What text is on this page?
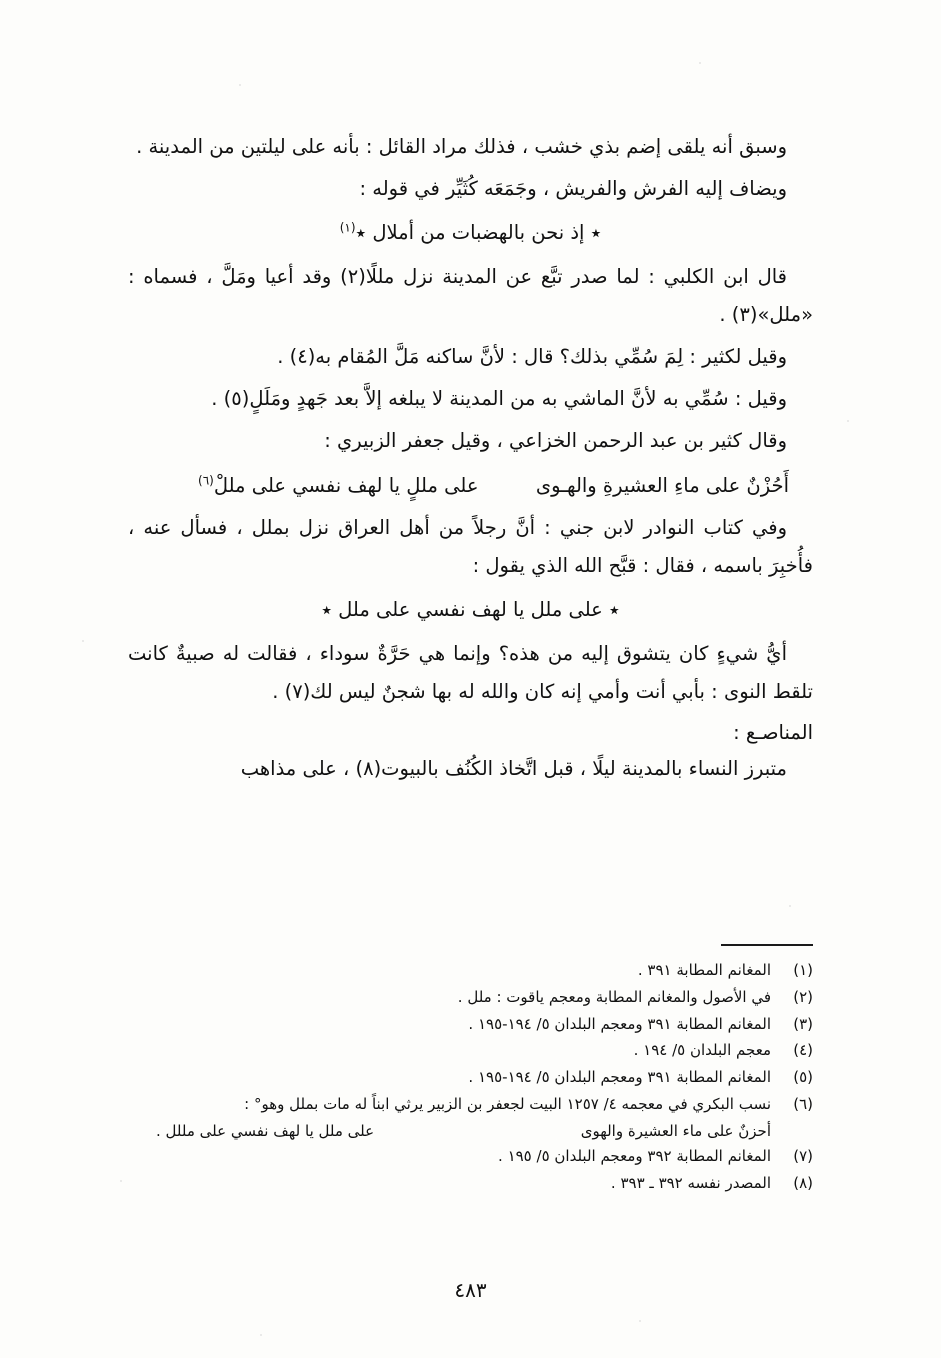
وسبق أنه يلقى إضم بذي خشب ، فذلك مراد القائل : بأنه على ليلتين من المدينة .

ويضاف إليه الفرش والفريش ، وجَمَعَه كُثَيِّر في قوله :

٭ إذ نحن بالهضبات من أملال ٭$^{(١)}$

قال ابن الكلبي : لما صدر تبَّع عن المدينة نزل مللًا(٢) وقد أعيا ومَلَّ ، فسماه : «ملل»(٣) .

وقيل لكثير : لِمَ سُمِّي بذلك؟ قال : لأنَّ ساكنه مَلَّ المُقام به(٤) .

وقيل : سُمِّي به لأنَّ الماشي به من المدينة لا يبلغه إلاَّ بعد جَهدٍ ومَلَلٍ(٥) .

وقال كثير بن عبد الرحمن الخزاعي ، وقيل جعفر الزبيري :

أَحُزْنٌ على ماءِ العشيرةِ والهـوى
على مللٍ يا لهف نفسي على مللْ$^{(٦)}$

وفي كتاب النوادر لابن جني : أنَّ رجلاً من أهل العراق نزل بملل ، فسأل عنه ، فأُخبِرَ باسمه ، فقال : قبَّح الله الذي يقول :

٭ على ملل يا لهف نفسي على ملل ٭

أيُّ شيءٍ كان يتشوق إليه من هذه؟ وإنما هي حَرَّةٌ سوداء ، فقالت له صبيةٌ كانت تلقط النوى : بأبي أنت وأمي إنه كان والله له بها شجنٌ ليس لك(٧) .

المناصـع :

متبرز النساء بالمدينة ليلًا ، قبل اتَّخاذ الكُنُف بالبيوت(٨) ، على مذاهب

(١)
المغانم المطابة ٣٩١ .
(٢)
في الأصول والمغانم المطابة ومعجم ياقوت : ملل .
(٣)
المغانم المطابة ٣٩١ ومعجم البلدان ٥/ ١٩٤-١٩٥ .
(٤)
معجم البلدان ٥/ ١٩٤ .
(٥)
المغانم المطابة ٣٩١ ومعجم البلدان ٥/ ١٩٤-١٩٥ .
(٦)
نسب البكري في معجمه ٤/ ١٢٥٧ البيت لجعفر بن الزبير يرثي ابناً له مات بملل وهو° :
أحزنٌ على ماء العشيرة والهوى
على ملل يا لهف نفسي على مللل .
(٧)
المغانم المطابة ٣٩٢ ومعجم البلدان ٥/ ١٩٥ .
(٨)
المصدر نفسه ٣٩٢ ـ ٣٩٣ .
٤٨٣
